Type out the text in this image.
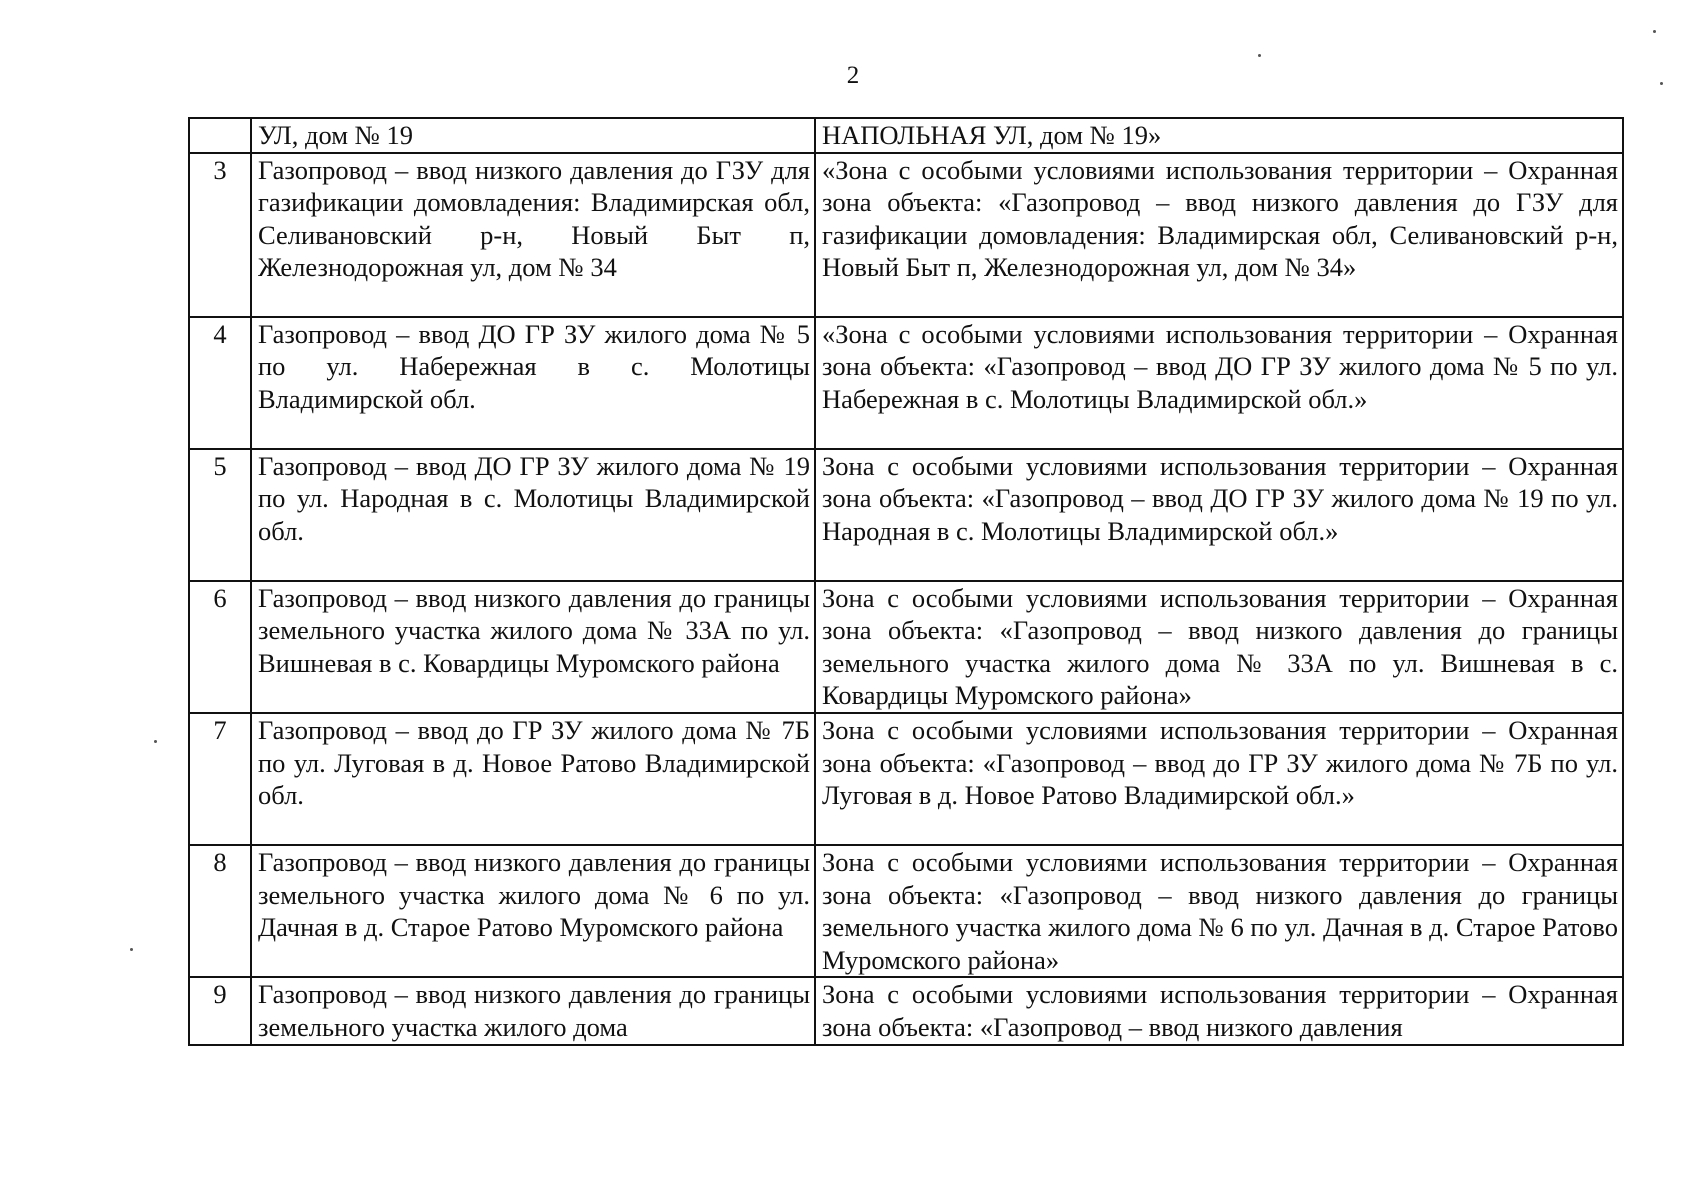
2
	УЛ, дом № 19	НАПОЛЬНАЯ УЛ, дом № 19»
3	Газопровод – ввод низкого давления до ГЗУ для газификации домовладения: Владимирская обл, Селивановский р-н, Новый Быт п, Железнодорожная ул, дом № 34	«Зона с особыми условиями использования территории – Охранная зона объекта: «Газопровод – ввод низкого давления до ГЗУ для газификации домовладения: Владимирская обл, Селивановский р-н, Новый Быт п, Железнодорожная ул, дом № 34»
4	Газопровод – ввод ДО ГР ЗУ жилого дома № 5 по ул. Набережная в с. Молотицы Владимирской обл.	«Зона с особыми условиями использования территории – Охранная зона объекта: «Газопровод – ввод ДО ГР ЗУ жилого дома № 5 по ул. Набережная в с. Молотицы Владимирской обл.»
5	Газопровод – ввод ДО ГР ЗУ жилого дома № 19 по ул. Народная в с. Молотицы Владимирской обл.	Зона с особыми условиями использования территории – Охранная зона объекта: «Газопровод – ввод ДО ГР ЗУ жилого дома № 19 по ул. Народная в с. Молотицы Владимирской обл.»
6	Газопровод – ввод низкого давления до границы земельного участка жилого дома № 33А по ул. Вишневая в с. Ковардицы Муромского района	Зона с особыми условиями использования территории – Охранная зона объекта: «Газопровод – ввод низкого давления до границы земельного участка жилого дома № 33А по ул. Вишневая в с. Ковардицы Муромского района»
7	Газопровод – ввод до ГР ЗУ жилого дома № 7Б по ул. Луговая в д. Новое Ратово Владимирской обл.	Зона с особыми условиями использования территории – Охранная зона объекта: «Газопровод – ввод до ГР ЗУ жилого дома № 7Б по ул. Луговая в д. Новое Ратово Владимирской обл.»
8	Газопровод – ввод низкого давления до границы земельного участка жилого дома № 6 по ул. Дачная в д. Старое Ратово Муромского района	Зона с особыми условиями использования территории – Охранная зона объекта: «Газопровод – ввод низкого давления до границы земельного участка жилого дома № 6 по ул. Дачная в д. Старое Ратово Муромского района»
9	Газопровод – ввод низкого давления до границы земельного участка жилого дома	Зона с особыми условиями использования территории – Охранная зона объекта: «Газопровод – ввод низкого давления
